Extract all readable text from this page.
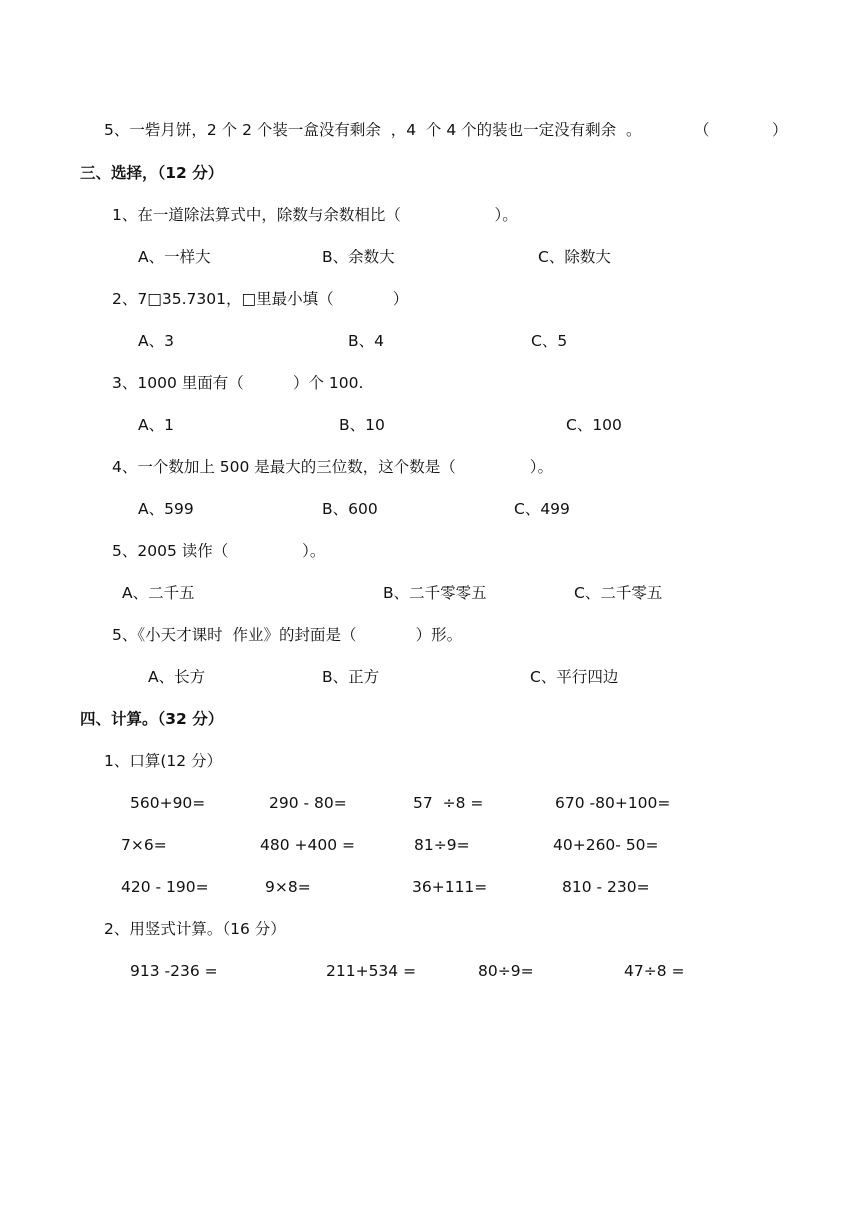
5、一砦月饼，2 个 2 个装一盒没有剩余  ，4  个 4 个的装也一定没有剩余  。	（	）
三、选择，（12 分）
1、在一道除法算式中，除数与余数相比（                   ）。
A、一样大	B、余数大	C、除数大
2、7□35.7301，□里最小填（            ）
A、3	B、4	C、5
3、1000 里面有（          ）个 100.
A、1	B、10	C、100
4、一个数加上 500 是最大的三位数，这个数是（               ）。
A、599	B、600	C、499
5、2005 读作（               ）。
A、二千五	B、二千零零五	C、二千零五
5、《小天才课时  作业》的封面是（            ）形。
A、长方	B、正方	C、平行四边
四、计算。（32 分）
1、口算(12 分）
560+90=	290 - 80=	57  ÷8 =	670 -80+100=
7×6=	480 +400 =	81÷9=	40+260- 50=
420 - 190=	9×8=	36+111=	810 - 230=
2、用竖式计算。（16 分）
913 -236 =	211+534 =	80÷9=	47÷8 =
